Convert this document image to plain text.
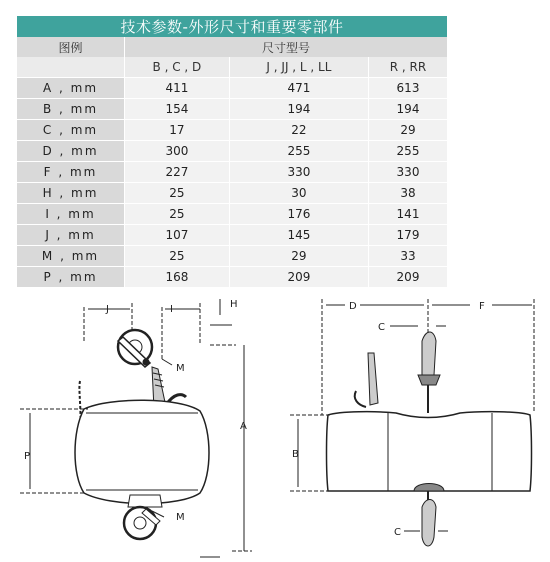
技术参数-外形尺寸和重要零部件			
图例	尺寸型号		
	B , C , D	J , JJ , L , LL	R , RR
A , mm	411	471	613
B , mm	154	194	194
C , mm	17	22	29
D , mm	300	255	255
F , mm	227	330	330
H , mm	25	30	38
I , mm	25	176	141
J , mm	107	145	179
M , mm	25	29	33
P , mm	168	209	209
J	I	H
M
M
P
A
D	F
C
C
B
